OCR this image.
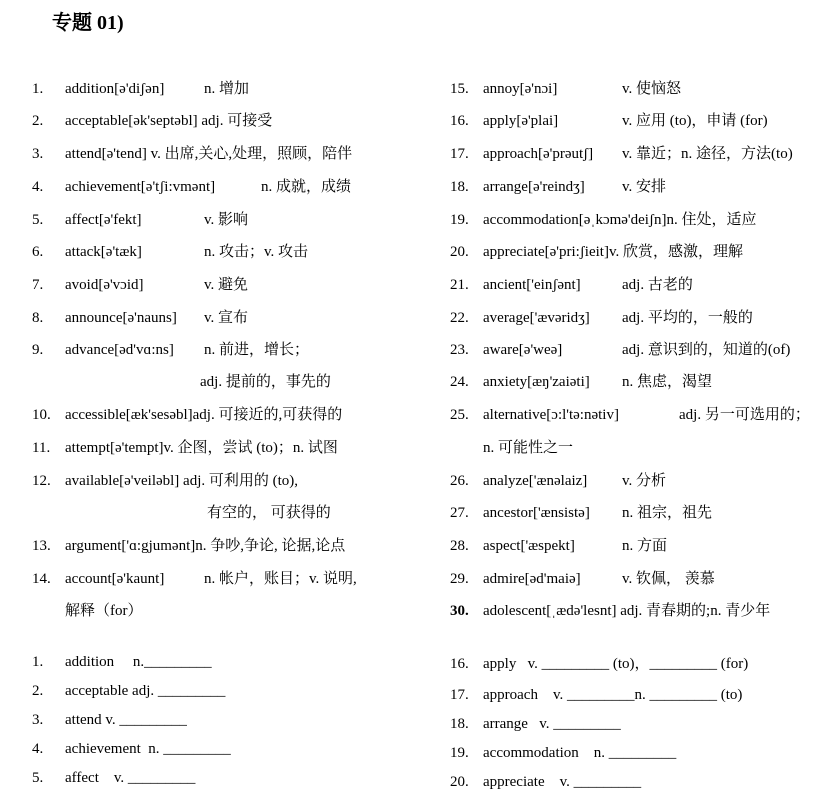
专题 01)
1.	addition[ə'diʃən]	n. 增加
2.	acceptable[ək'septəbl] adj. 可接受
3.	attend[ə'tend] v. 出席,关心,处理，照顾，陪伴
4.	achievement[ə'tʃi:vmənt]	n. 成就，成绩
5.	affect[ə'fekt]	v. 影响
6.	attack[ə'tæk]	n. 攻击；v. 攻击
7.	avoid[ə'vɔid]	v. 避免
8.	announce[ə'nauns] v. 宣布
9.	advance[əd'vɑ:ns] n. 前进，增长；
adj. 提前的，事先的
10. accessible[æk'sesəbl]adj. 可接近的,可获得的
11. attempt[ə'tempt]v. 企图，尝试 (to)；n. 试图
12. available[ə'veiləbl] adj. 可利用的 (to),
有空的， 可获得的
13. argument['ɑ:gjumənt]n. 争吵,争论, 论据,论点
14. account[ə'kaunt]	n. 帐户，账目；v. 说明,
解释（for）
15. annoy[ə'nɔi]	v. 使恼怒
16. apply[ə'plai]	v. 应用 (to)，申请 (for)
17. approach[ə'prəutʃ] v. 靠近；n. 途径，方法(to)
18. arrange[ə'reindʒ] v. 安排
19. accommodation[əˌkɔmə'deiʃn]n. 住处，适应
20. appreciate[ə'pri:ʃieit]v. 欣赏，感激，理解
21. ancient['einʃənt]	adj. 古老的
22. average['ævəridʒ] adj. 平均的，一般的
23. aware[ə'weə]	adj. 意识到的，知道的(of)
24. anxiety[æŋ'zaiəti] n. 焦虑，渴望
25. alternative[ɔ:l'tə:nətiv]	adj. 另一可选用的；
n. 可能性之一
26. analyze['ænəlaiz] v. 分析
27. ancestor['ænsistə] n. 祖宗，祖先
28. aspect['æspekt]	n. 方面
29. admire[əd'maiə]	v. 钦佩， 羡慕
30. adolescent[ˌædə'lesnt] adj. 青春期的;n. 青少年
1.	addition     n._________
2.	acceptable adj. _________
3.	attend v. _________
4.	achievement  n. _________
5.	affect    v. _________
16. apply   v. _________ (to)，_________ (for)
17. approach    v. _________n. _________ (to)
18. arrange   v. _________
19. accommodation    n. _________
20. appreciate    v. _________
